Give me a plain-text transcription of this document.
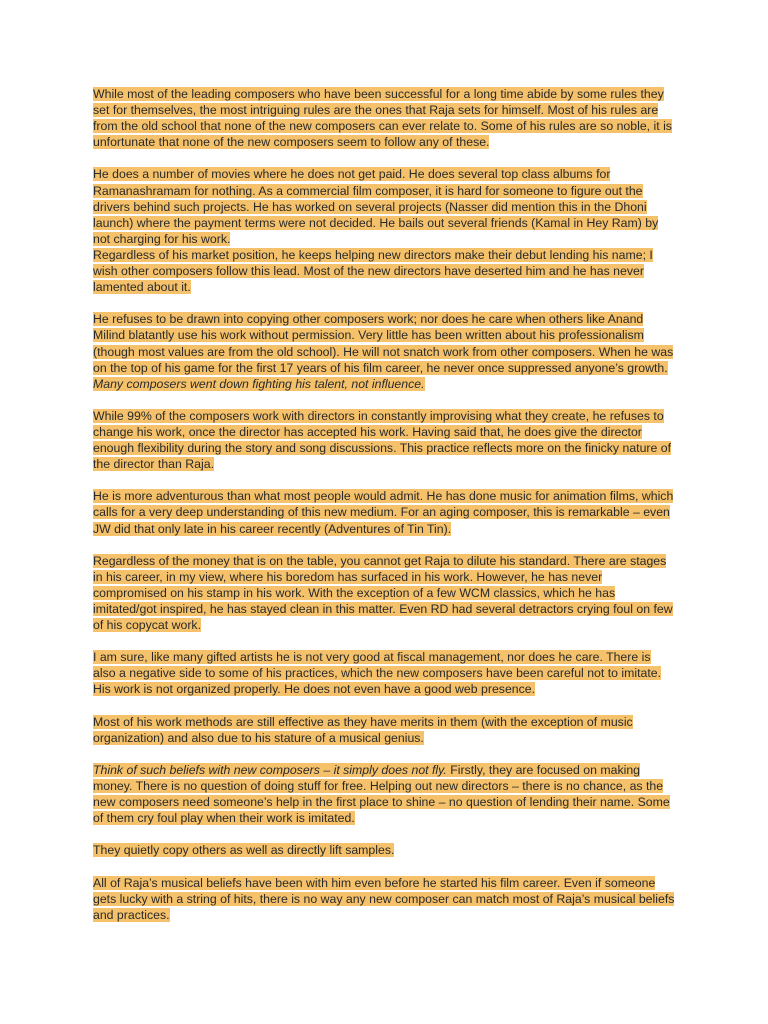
While most of the leading composers who have been successful for a long time abide by some rules they set for themselves, the most intriguing rules are the ones that Raja sets for himself. Most of his rules are from the old school that none of the new composers can ever relate to. Some of his rules are so noble, it is unfortunate that none of the new composers seem to follow any of these.

He does a number of movies where he does not get paid. He does several top class albums for Ramanashramam for nothing. As a commercial film composer, it is hard for someone to figure out the drivers behind such projects. He has worked on several projects (Nasser did mention this in the Dhoni launch) where the payment terms were not decided. He bails out several friends (Kamal in Hey Ram) by not charging for his work.

Regardless of his market position, he keeps helping new directors make their debut lending his name; I wish other composers follow this lead. Most of the new directors have deserted him and he has never lamented about it.

He refuses to be drawn into copying other composers work; nor does he care when others like Anand Milind blatantly use his work without permission. Very little has been written about his professionalism (though most values are from the old school). He will not snatch work from other composers. When he was on the top of his game for the first 17 years of his film career, he never once suppressed anyone’s growth. Many composers went down fighting his talent, not influence.

While 99% of the composers work with directors in constantly improvising what they create, he refuses to change his work, once the director has accepted his work. Having said that, he does give the director enough flexibility during the story and song discussions. This practice reflects more on the finicky nature of the director than Raja.

He is more adventurous than what most people would admit. He has done music for animation films, which calls for a very deep understanding of this new medium. For an aging composer, this is remarkable – even JW did that only late in his career recently (Adventures of Tin Tin).

Regardless of the money that is on the table, you cannot get Raja to dilute his standard. There are stages in his career, in my view, where his boredom has surfaced in his work. However, he has never compromised on his stamp in his work. With the exception of a few WCM classics, which he has imitated/got inspired, he has stayed clean in this matter. Even RD had several detractors crying foul on few of his copycat work.

I am sure, like many gifted artists he is not very good at fiscal management, nor does he care. There is also a negative side to some of his practices, which the new composers have been careful not to imitate. His work is not organized properly. He does not even have a good web presence.

Most of his work methods are still effective as they have merits in them (with the exception of music organization) and also due to his stature of a musical genius.

Think of such beliefs with new composers – it simply does not fly. Firstly, they are focused on making money. There is no question of doing stuff for free. Helping out new directors – there is no chance, as the new composers need someone’s help in the first place to shine – no question of lending their name. Some of them cry foul play when their work is imitated.

They quietly copy others as well as directly lift samples.

All of Raja’s musical beliefs have been with him even before he started his film career. Even if someone gets lucky with a string of hits, there is no way any new composer can match most of Raja’s musical beliefs and practices.
